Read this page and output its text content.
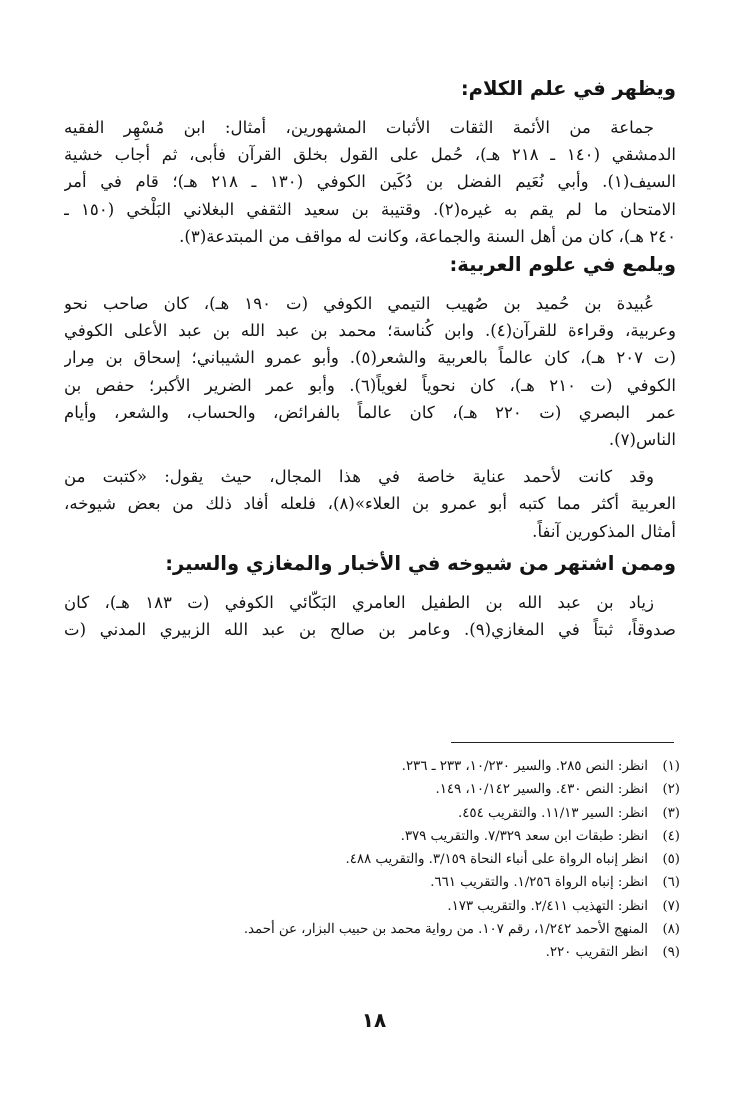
ويظهر في علم الكلام:
جماعة من الأئمة الثقات الأثبات المشهورين، أمثال: ابن مُسْهِر الفقيه
الدمشقي (١٤٠ ـ ٢١٨ هـ)، حُمل على القول بخلق القرآن فأبى، ثم أجاب خشية
السيف(١). وأبي نُعَيم الفضل بن دُكَين الكوفي (١٣٠ ـ ٢١٨ هـ)؛ قام في أمر
الامتحان ما لم يقم به غيره(٢). وقتيبة بن سعيد الثقفي البغلاني البَلْخي (١٥٠ ـ
٢٤٠ هـ)، كان من أهل السنة والجماعة، وكانت له مواقف من المبتدعة(٣).
ويلمع في علوم العربية:
عُبيدة بن حُميد بن صُهيب التيمي الكوفي (ت ١٩٠ هـ)، كان صاحب نحو
وعربية، وقراءة للقرآن(٤). وابن كُناسة؛ محمد بن عبد الله بن عبد الأعلى الكوفي
(ت ٢٠٧ هـ)، كان عالماً بالعربية والشعر(٥). وأبو عمرو الشيباني؛ إسحاق بن مِرار
الكوفي (ت ٢١٠ هـ)، كان نحوياً لغوياً(٦). وأبو عمر الضرير الأكبر؛ حفص بن
عمر البصري (ت ٢٢٠ هـ)، كان عالماً بالفرائض، والحساب، والشعر، وأيام
الناس(٧).
وقد كانت لأحمد عناية خاصة في هذا المجال، حيث يقول: «كتبت من
العربية أكثر مما كتبه أبو عمرو بن العلاء»(٨)، فلعله أفاد ذلك من بعض شيوخه،
أمثال المذكورين آنفاً.
وممن اشتهر من شيوخه في الأخبار والمغازي والسير:
زياد بن عبد الله بن الطفيل العامري البَكّائي الكوفي (ت ١٨٣ هـ)، كان
صدوقاً، ثبتاً في المغازي(٩). وعامر بن صالح بن عبد الله الزبيري المدني (ت
(١)
انظر: النص ٢٨٥. والسير ١٠/٢٣٠، ٢٣٣ ـ ٢٣٦.
(٢)
انظر: النص ٤٣٠. والسير ١٠/١٤٢، ١٤٩.
(٣)
انظر: السير ١١/١٣. والتقريب ٤٥٤.
(٤)
انظر: طبقات ابن سعد ٧/٣٢٩. والتقريب ٣٧٩.
(٥)
انظر إنباه الرواة على أنباء النحاة ٣/١٥٩. والتقريب ٤٨٨.
(٦)
انظر: إنباه الرواة ١/٢٥٦. والتقريب ٦٦١.
(٧)
انظر: التهذيب ٢/٤١١. والتقريب ١٧٣.
(٨)
المنهج الأحمد ١/٢٤٢، رقم ١٠٧. من رواية محمد بن حبيب البزار، عن أحمد.
(٩)
انظر التقريب ٢٢٠.
١٨
